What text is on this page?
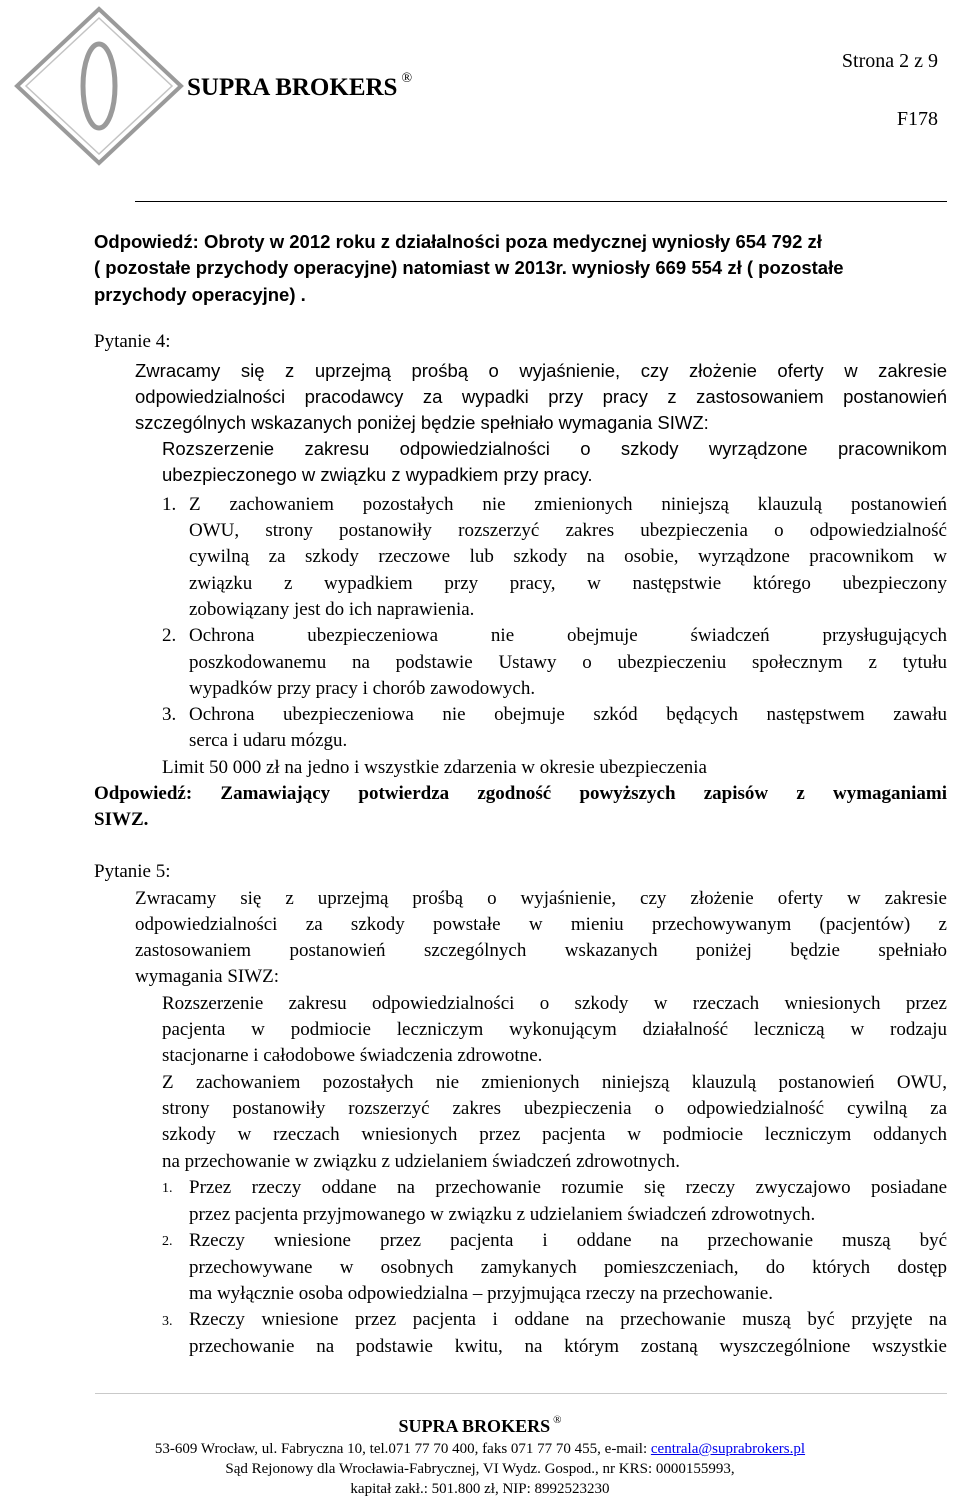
SUPRA BROKERS ®
Strona 2 z 9
F178
Odpowiedź: Obroty w 2012 roku z działalności poza medycznej wyniosły 654 792 zł
( pozostałe przychody operacyjne) natomiast w 2013r. wyniosły 669 554 zł ( pozostałe
przychody operacyjne) .
Pytanie 4:
Zwracamy się z uprzejmą prośbą o wyjaśnienie, czy złożenie oferty w zakresie
odpowiedzialności pracodawcy za wypadki przy pracy z zastosowaniem postanowień
szczególnych wskazanych poniżej będzie spełniało wymagania SIWZ:
Rozszerzenie zakresu odpowiedzialności o szkody wyrządzone pracownikom
ubezpieczonego w związku z wypadkiem przy pracy.
1. Z zachowaniem pozostałych nie zmienionych niniejszą klauzulą postanowień
OWU, strony postanowiły rozszerzyć zakres ubezpieczenia o odpowiedzialność
cywilną za szkody rzeczowe lub szkody na osobie, wyrządzone pracownikom w
związku z wypadkiem przy pracy, w następstwie którego ubezpieczony
zobowiązany jest do ich naprawienia.
2. Ochrona ubezpieczeniowa nie obejmuje świadczeń przysługujących
poszkodowanemu na podstawie Ustawy o ubezpieczeniu społecznym z tytułu
wypadków przy pracy i chorób zawodowych.
3. Ochrona ubezpieczeniowa nie obejmuje szkód będących następstwem zawału
serca i udaru mózgu.
Limit 50 000 zł na jedno i wszystkie zdarzenia w okresie ubezpieczenia
Odpowiedź: Zamawiający potwierdza zgodność powyższych zapisów z wymaganiami
SIWZ.
Pytanie 5:
Zwracamy się z uprzejmą prośbą o wyjaśnienie, czy złożenie oferty w zakresie
odpowiedzialności za szkody powstałe w mieniu przechowywanym (pacjentów) z
zastosowaniem postanowień szczególnych wskazanych poniżej będzie spełniało
wymagania SIWZ:
Rozszerzenie zakresu odpowiedzialności o szkody w rzeczach wniesionych przez
pacjenta w podmiocie leczniczym wykonującym działalność leczniczą w rodzaju
stacjonarne i całodobowe świadczenia zdrowotne.
Z zachowaniem pozostałych nie zmienionych niniejszą klauzulą postanowień OWU,
strony postanowiły rozszerzyć zakres ubezpieczenia o odpowiedzialność cywilną za
szkody w rzeczach wniesionych przez pacjenta w podmiocie leczniczym oddanych
na przechowanie w związku z udzielaniem świadczeń zdrowotnych.
1. Przez rzeczy oddane na przechowanie rozumie się rzeczy zwyczajowo posiadane
przez pacjenta przyjmowanego w związku z udzielaniem świadczeń zdrowotnych.
2. Rzeczy wniesione przez pacjenta i oddane na przechowanie muszą być
przechowywane w osobnych zamykanych pomieszczeniach, do których dostęp
ma wyłącznie osoba odpowiedzialna – przyjmująca rzeczy na przechowanie.
3. Rzeczy wniesione przez pacjenta i oddane na przechowanie muszą być przyjęte na
przechowanie na podstawie kwitu, na którym zostaną wyszczególnione wszystkie
SUPRA BROKERS ®
53-609 Wrocław, ul. Fabryczna 10, tel.071 77 70 400, faks 071 77 70 455, e-mail: centrala@suprabrokers.pl
Sąd Rejonowy dla Wrocławia-Fabrycznej, VI Wydz. Gospod., nr KRS: 0000155993,
kapitał zakł.: 501.800 zł, NIP: 8992523230
